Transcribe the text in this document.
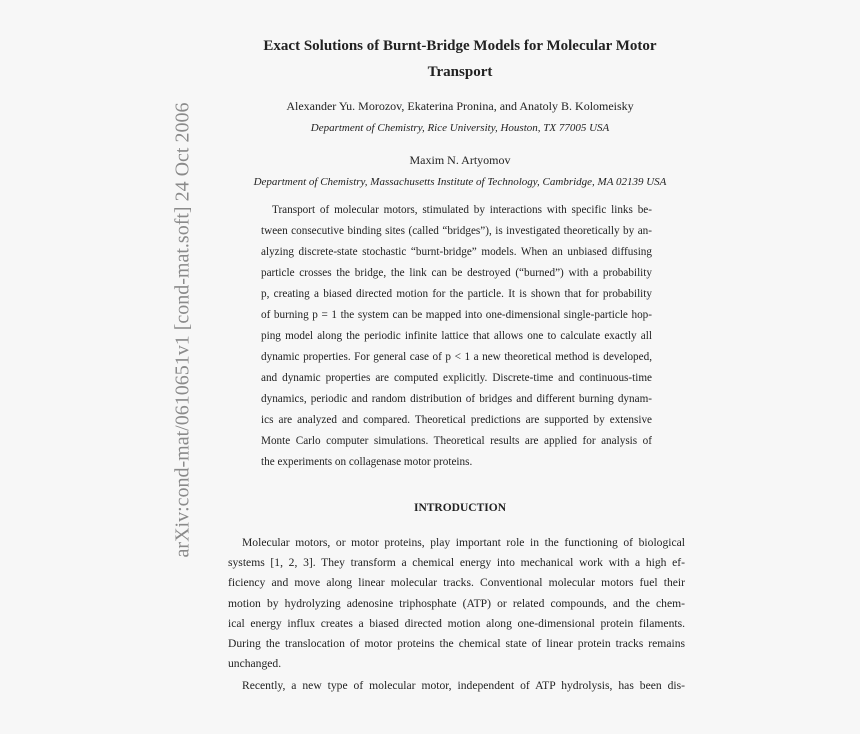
arXiv:cond-mat/0610651v1 [cond-mat.soft] 24 Oct 2006
Exact Solutions of Burnt-Bridge Models for Molecular Motor
Transport
Alexander Yu. Morozov, Ekaterina Pronina, and Anatoly B. Kolomeisky
Department of Chemistry, Rice University, Houston, TX 77005 USA
Maxim N. Artyomov
Department of Chemistry, Massachusetts Institute of Technology, Cambridge, MA 02139 USA
Transport of molecular motors, stimulated by interactions with specific links be-
tween consecutive binding sites (called “bridges”), is investigated theoretically by an-
alyzing discrete-state stochastic “burnt-bridge” models. When an unbiased diffusing
particle crosses the bridge, the link can be destroyed (“burned”) with a probability
p, creating a biased directed motion for the particle. It is shown that for probability
of burning p = 1 the system can be mapped into one-dimensional single-particle hop-
ping model along the periodic infinite lattice that allows one to calculate exactly all
dynamic properties. For general case of p < 1 a new theoretical method is developed,
and dynamic properties are computed explicitly. Discrete-time and continuous-time
dynamics, periodic and random distribution of bridges and different burning dynam-
ics are analyzed and compared. Theoretical predictions are supported by extensive
Monte Carlo computer simulations. Theoretical results are applied for analysis of
the experiments on collagenase motor proteins.
INTRODUCTION
Molecular motors, or motor proteins, play important role in the functioning of biological
systems [1, 2, 3]. They transform a chemical energy into mechanical work with a high ef-
ficiency and move along linear molecular tracks. Conventional molecular motors fuel their
motion by hydrolyzing adenosine triphosphate (ATP) or related compounds, and the chem-
ical energy influx creates a biased directed motion along one-dimensional protein filaments.
During the translocation of motor proteins the chemical state of linear protein tracks remains
unchanged.
Recently, a new type of molecular motor, independent of ATP hydrolysis, has been dis-
